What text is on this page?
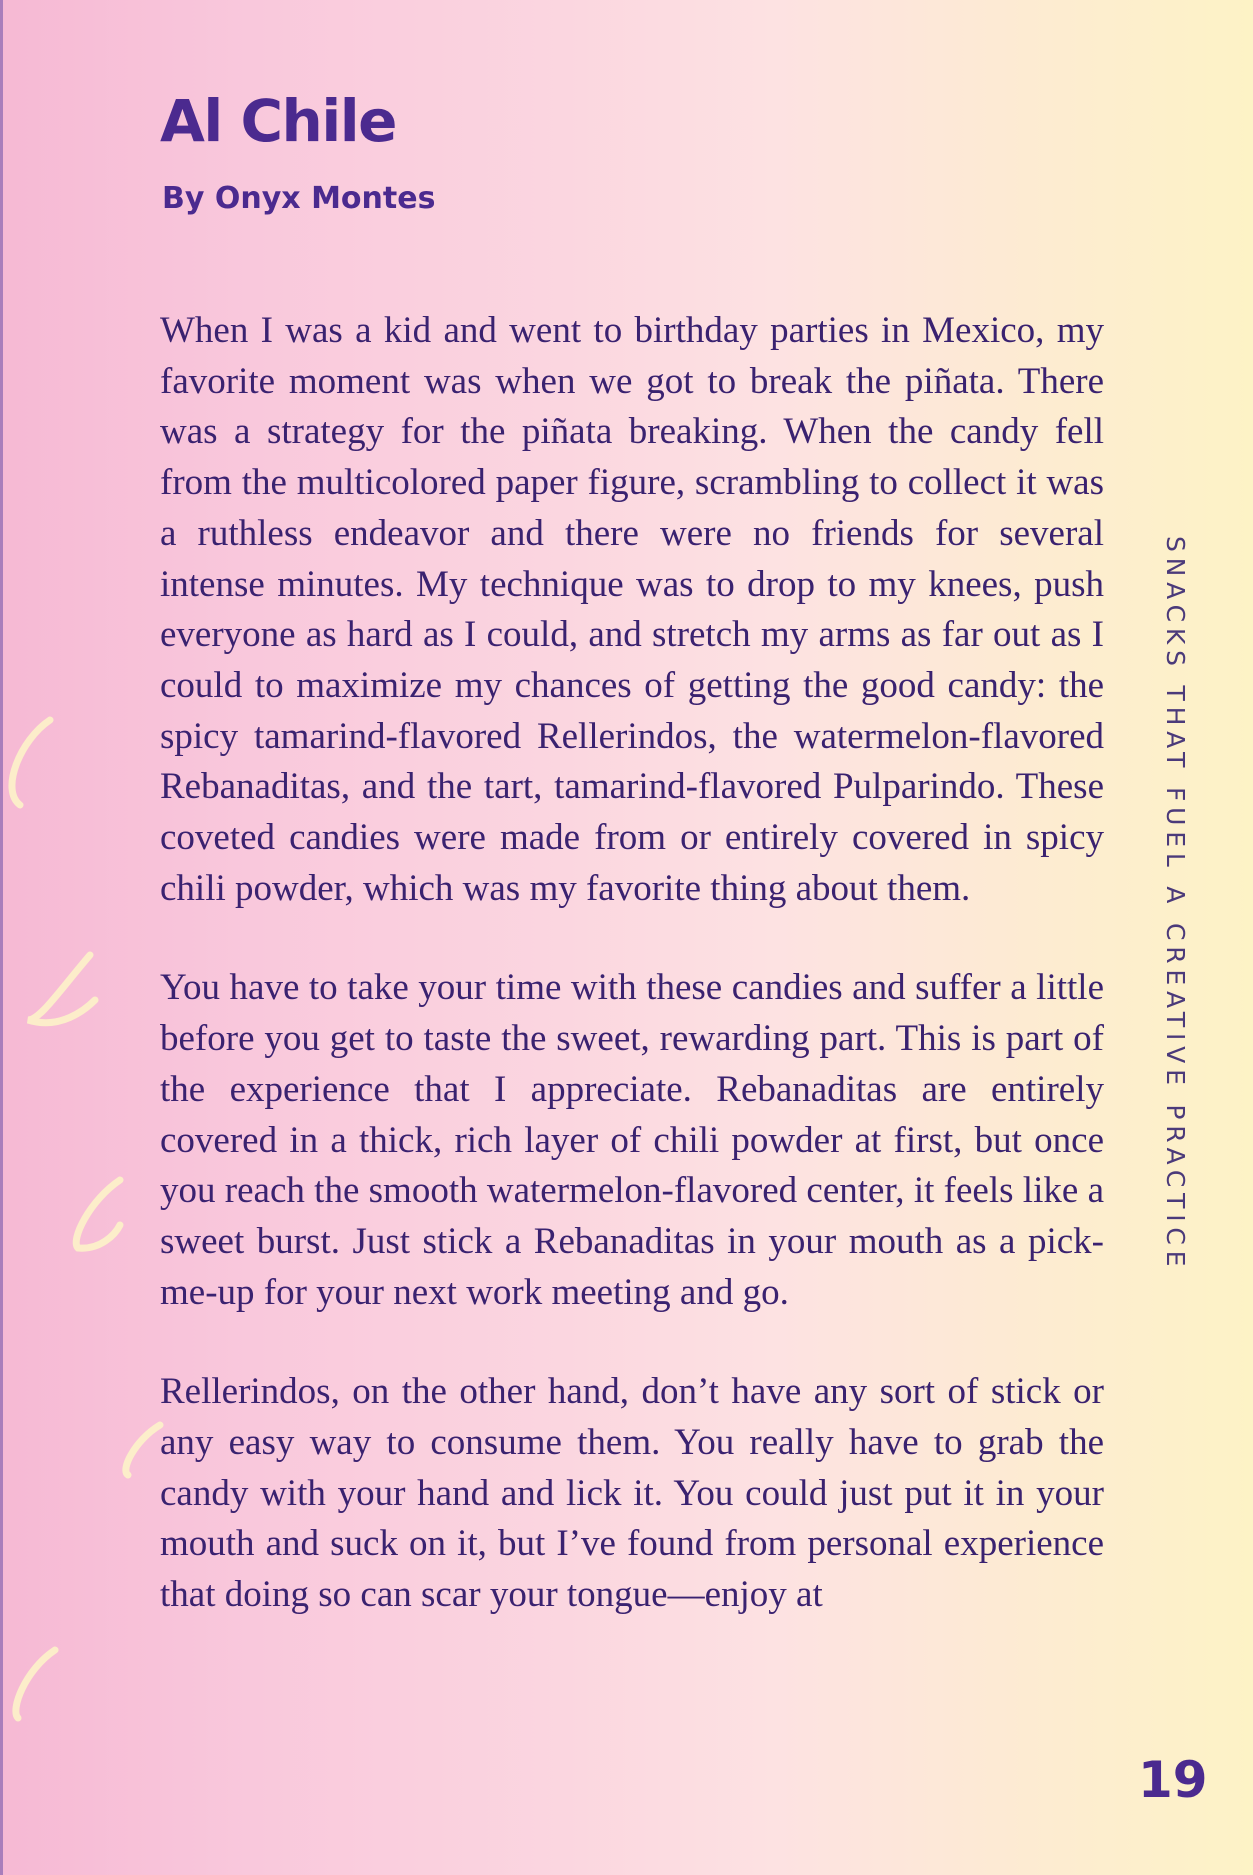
Al Chile

By Onyx Montes

When I was a kid and went to birthday parties in Mexico, my favorite moment was when we got to break the piñata. There was a strategy for the piñata breaking. When the candy fell from the multicolored paper figure, scrambling to collect it was a ruthless endeavor and there were no friends for several intense minutes. My technique was to drop to my knees, push everyone as hard as I could, and stretch my arms as far out as I could to maximize my chances of getting the good candy: the spicy tamarind-flavored Rellerindos, the watermelon-flavored Rebanaditas, and the tart, tamarind-flavored Pulparindo. These coveted candies were made from or entirely covered in spicy chili powder, which was my favorite thing about them.

You have to take your time with these candies and suffer a little before you get to taste the sweet, rewarding part. This is part of the experience that I appreciate. Rebanaditas are entirely covered in a thick, rich layer of chili powder at first, but once you reach the smooth watermelon-flavored center, it feels like a sweet burst. Just stick a Rebanaditas in your mouth as a pick-me-up for your next work meeting and go.

Rellerindos, on the other hand, don’t have any sort of stick or any easy way to consume them. You really have to grab the candy with your hand and lick it. You could just put it in your mouth and suck on it, but I’ve found from personal experience that doing so can scar your tongue—enjoy at

SNACKS THAT FUEL A CREATIVE PRACTICE
19
